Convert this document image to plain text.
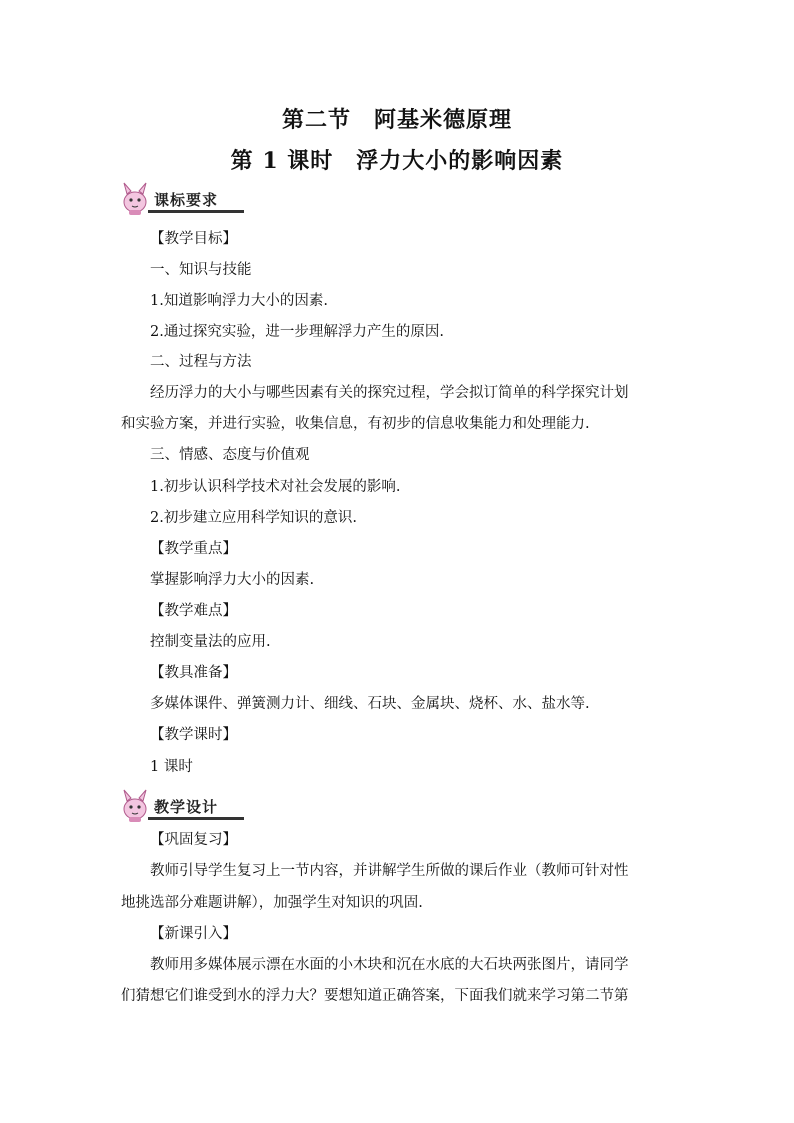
第二节　阿基米德原理
第 1 课时　浮力大小的影响因素
课标要求
【教学目标】
一、知识与技能
1.知道影响浮力大小的因素.
2.通过探究实验，进一步理解浮力产生的原因.
二、过程与方法
经历浮力的大小与哪些因素有关的探究过程，学会拟订简单的科学探究计划
和实验方案，并进行实验，收集信息，有初步的信息收集能力和处理能力.
三、情感、态度与价值观
1.初步认识科学技术对社会发展的影响.
2.初步建立应用科学知识的意识.
【教学重点】
掌握影响浮力大小的因素.
【教学难点】
控制变量法的应用.
【教具准备】
多媒体课件、弹簧测力计、细线、石块、金属块、烧杯、水、盐水等.
【教学课时】
1 课时
教学设计
【巩固复习】
教师引导学生复习上一节内容，并讲解学生所做的课后作业（教师可针对性
地挑选部分难题讲解），加强学生对知识的巩固.
【新课引入】
教师用多媒体展示漂在水面的小木块和沉在水底的大石块两张图片，请同学
们猜想它们谁受到水的浮力大？要想知道正确答案，下面我们就来学习第二节第
